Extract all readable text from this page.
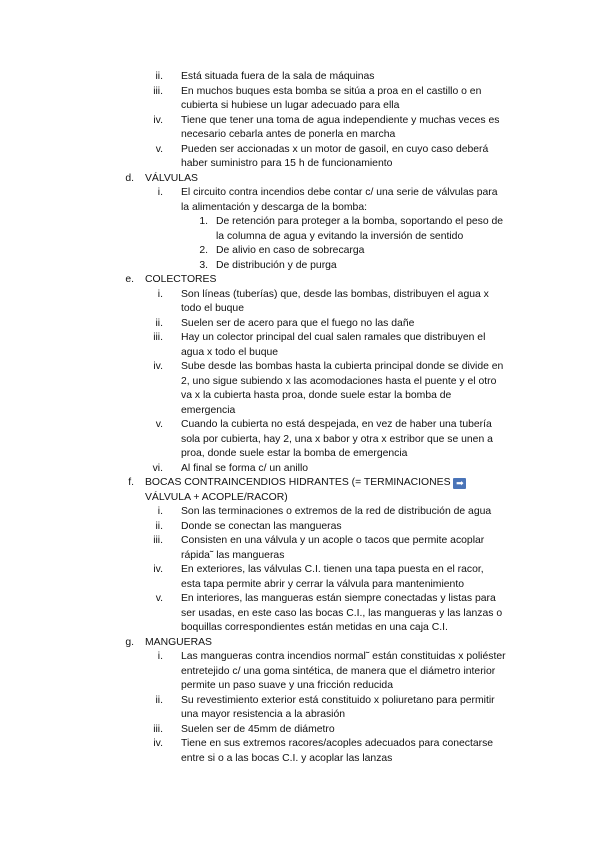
ii. Está situada fuera de la sala de máquinas
iii. En muchos buques esta bomba se sitúa a proa en el castillo o en
cubierta si hubiese un lugar adecuado para ella
iv. Tiene que tener una toma de agua independiente y muchas veces es
necesario cebarla antes de ponerla en marcha
v. Pueden ser accionadas x un motor de gasoil, en cuyo caso deberá
haber suministro para 15 h de funcionamiento
d. VÁLVULAS
i. El circuito contra incendios debe contar c/ una serie de válvulas para
la alimentación y descarga de la bomba:
1. De retención para proteger a la bomba, soportando el peso de
la columna de agua y evitando la inversión de sentido
2. De alivio en caso de sobrecarga
3. De distribución y de purga
e. COLECTORES
i. Son líneas (tuberías) que, desde las bombas, distribuyen el agua x
todo el buque
ii. Suelen ser de acero para que el fuego no las dañe
iii. Hay un colector principal del cual salen ramales que distribuyen el
agua x todo el buque
iv. Sube desde las bombas hasta la cubierta principal donde se divide en
2, uno sigue subiendo x las acomodaciones hasta el puente y el otro
va x la cubierta hasta proa, donde suele estar la bomba de
emergencia
v. Cuando la cubierta no está despejada, en vez de haber una tubería
sola por cubierta, hay 2, una x babor y otra x estribor que se unen a
proa, donde suele estar la bomba de emergencia
vi. Al final se forma c/ un anillo
f. BOCAS CONTRAINCENDIOS HIDRANTES (= TERMINACIONES ➡
VÁLVULA + ACOPLE/RACOR)
i. Son las terminaciones o extremos de la red de distribución de agua
ii. Donde se conectan las mangueras
iii. Consisten en una válvula y un acople o tacos que permite acoplar
rápida˜ las mangueras
iv. En exteriores, las válvulas C.I. tienen una tapa puesta en el racor,
esta tapa permite abrir y cerrar la válvula para mantenimiento
v. En interiores, las mangueras están siempre conectadas y listas para
ser usadas, en este caso las bocas C.I., las mangueras y las lanzas o
boquillas correspondientes están metidas en una caja C.I.
g. MANGUERAS
i. Las mangueras contra incendios normal˜ están constituidas x poliéster
entretejido c/ una goma sintética, de manera que el diámetro interior
permite un paso suave y una fricción reducida
ii. Su revestimiento exterior está constituido x poliuretano para permitir
una mayor resistencia a la abrasión
iii. Suelen ser de 45mm de diámetro
iv. Tiene en sus extremos racores/acoples adecuados para conectarse
entre si o a las bocas C.I. y acoplar las lanzas
